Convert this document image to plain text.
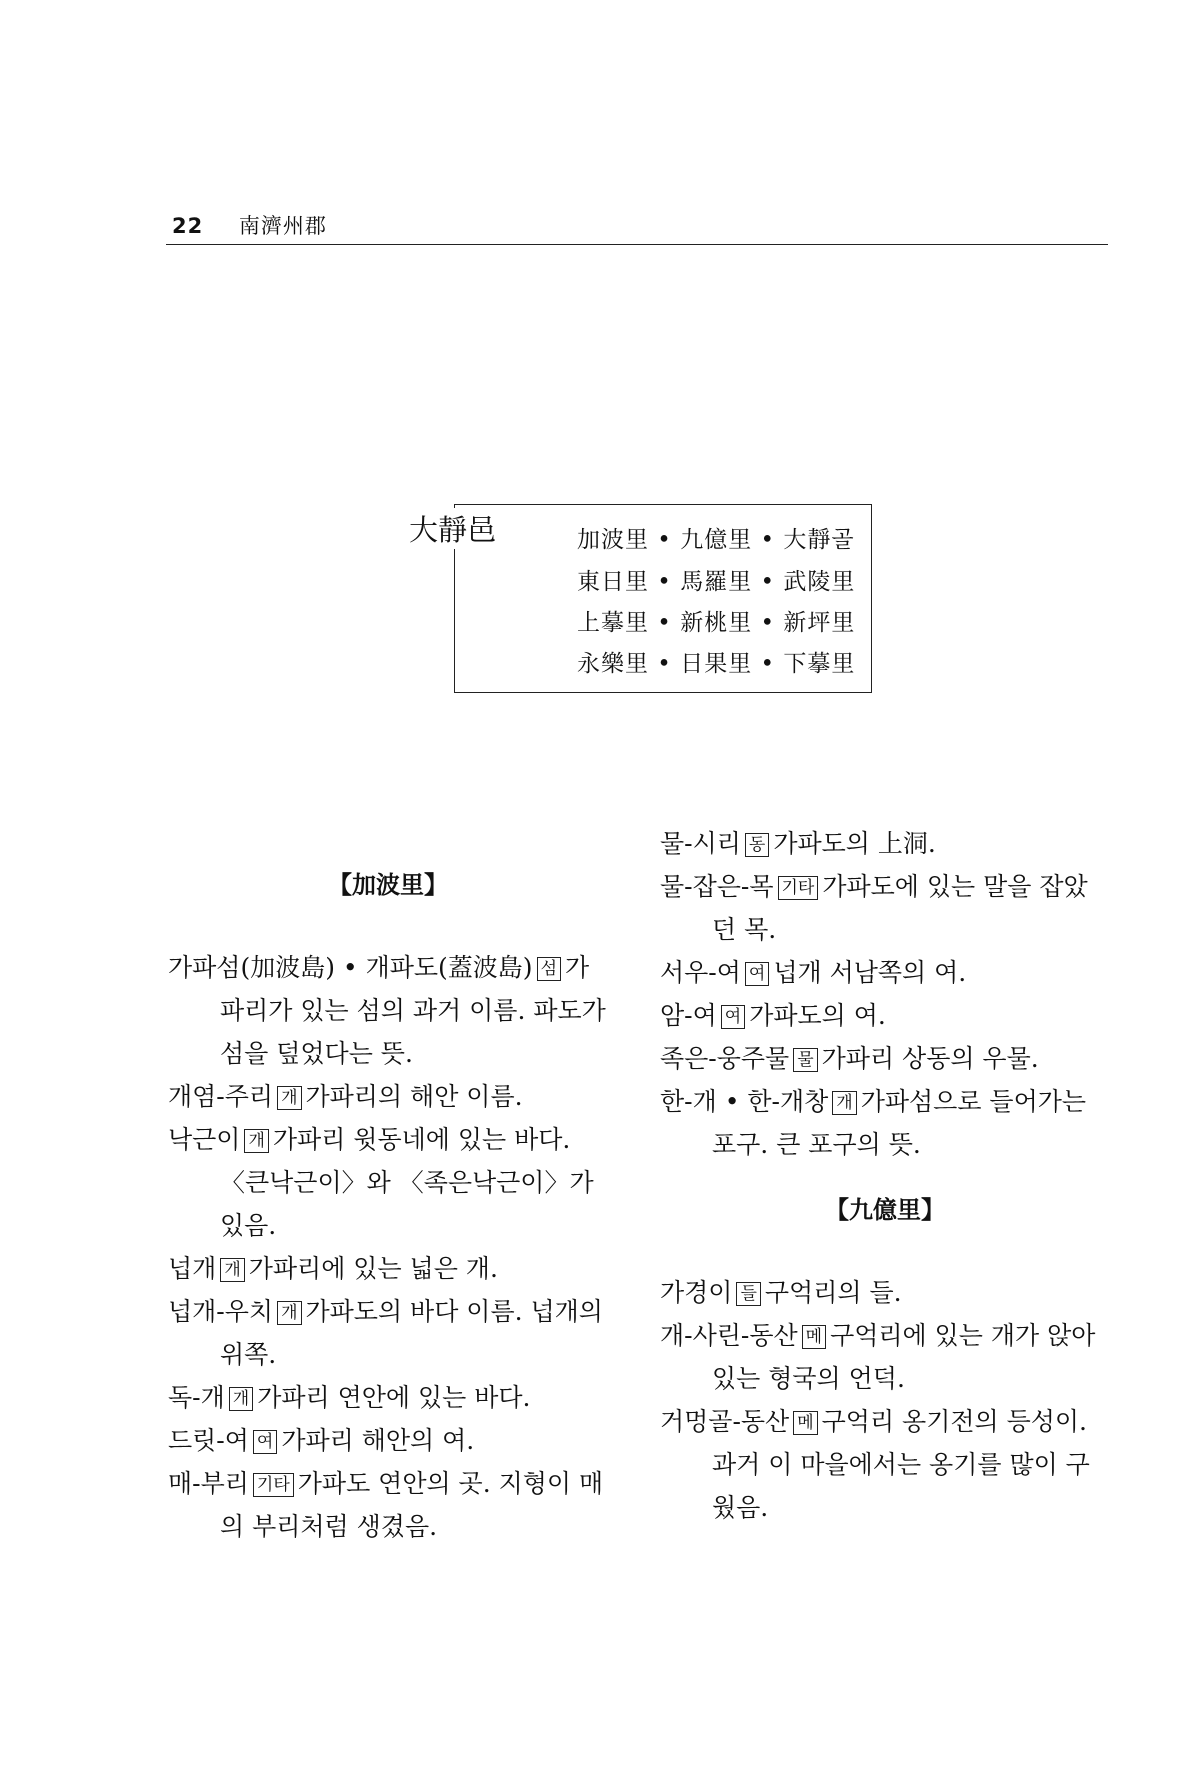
22 南濟州郡
大靜邑	加波里 • 九億里 • 大靜골
東日里 • 馬羅里 • 武陵里
上摹里 • 新桃里 • 新坪里
永樂里 • 日果里 • 下摹里
【加波里】
가파섬(加波島) • 개파도(蓋波島) 섬 가파리가 있는 섬의 과거 이름. 파도가 섬을 덮었다는 뜻.
개염-주리 개 가파리의 해안 이름.
낙근이 개 가파리 윗동네에 있는 바다. 〈큰낙근이〉와 〈족은낙근이〉가 있음.
넙개 개 가파리에 있는 넓은 개.
넙개-우치 개 가파도의 바다 이름. 넙개의 위쪽.
독-개 개 가파리 연안에 있는 바다.
드릿-여 여 가파리 해안의 여.
매-부리 기타 가파도 연안의 곳. 지형이 매의 부리처럼 생겼음.
물-시리 동 가파도의 上洞.
물-잡은-목 기타 가파도에 있는 말을 잡았던 목.
서우-여 여 넙개 서남쪽의 여.
암-여 여 가파도의 여.
족은-웅주물 물 가파리 상동의 우물.
한-개 • 한-개창 개 가파섬으로 들어가는 포구. 큰 포구의 뜻.
【九億里】
가경이 들 구억리의 들.
개-사린-동산 메 구억리에 있는 개가 앉아 있는 형국의 언덕.
거멍골-동산 메 구억리 옹기전의 등성이. 과거 이 마을에서는 옹기를 많이 구웠음.
